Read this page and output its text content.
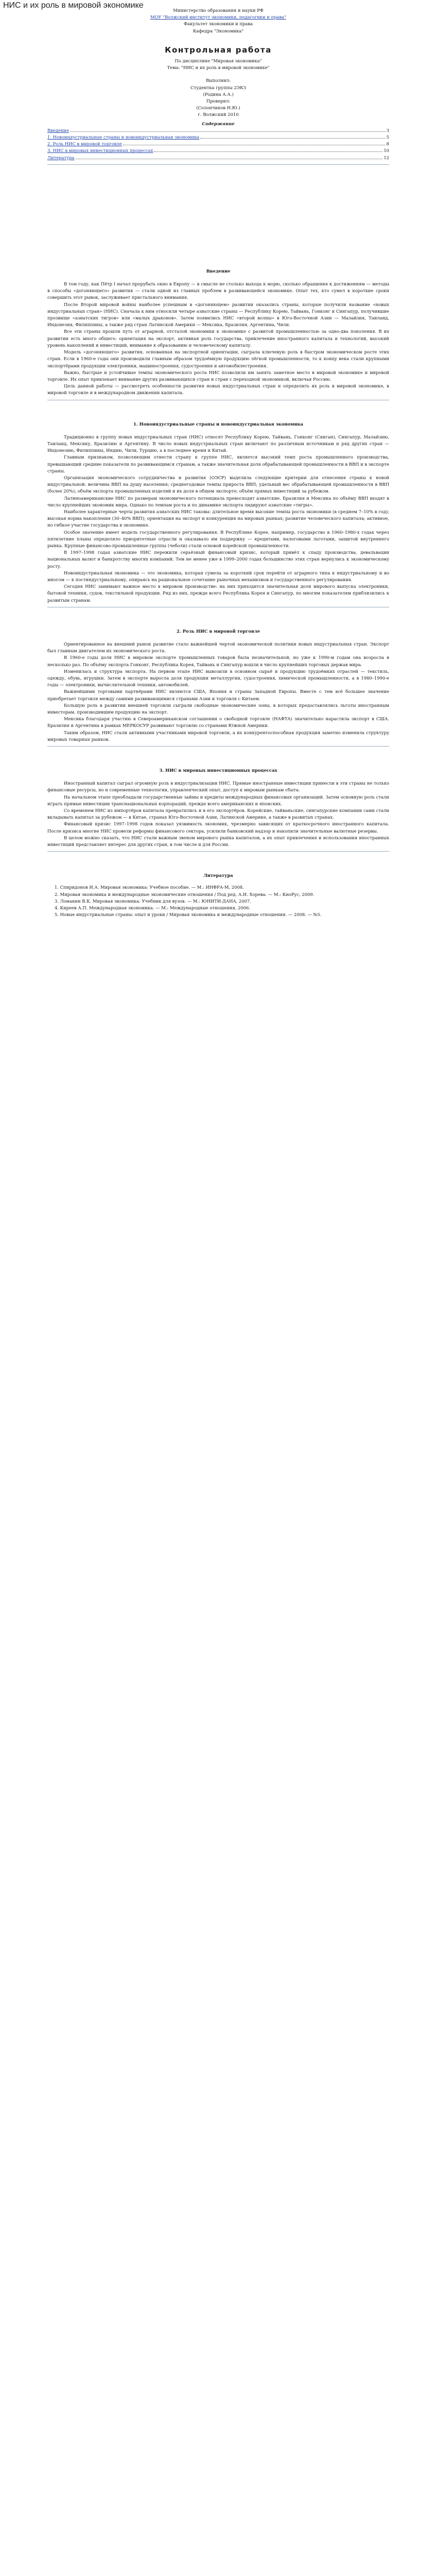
НИС и их роль в мировой экономике
Министерство образования и науки РФ
МОУ "Волжский институт экономики, педагогики и права"
Факультет экономики и права
Кафедра "Экономика"
Контрольная работа
По дисциплине "Мировая экономика"
Тема: "НИС и их роль в мировой экономике"
Выполнил:
Студентка группы 2ЭКЗ
(Родина А.А.)
Проверил:
(Солончиков Н.Ю.)
г. Волжский 2010
Содержание
Введение	3
1. Новоиндустриальные страны и новоиндустриальная экономика	5
2. Роль НИС в мировой торговле	8
3. НИС в мировых инвестиционных процессах	10
Литература	12
Введение

В том году, как Пётр I начал прорубать окно в Европу — в смысле не столько выхода к морю, сколько обращения к достижениям — методы в способы «догоняющего» развития — стали одной из главных проблем в развивающейся экономике. Опыт тех, кто сумел в короткие сроки совершить этот рывок, заслуживает пристального внимания.

После Второй мировой войны наиболее успешным в «догоняющем» развитии оказались страны, которые получили название «новых индустриальных стран» (НИС). Сначала к ним относили четыре азиатские страны — Республику Корею, Тайвань, Гонконг и Сингапур, получившие прозвище «азиатских тигров» или «малых драконов». Затем появились НИС «второй волны» в Юго-Восточной Азии — Малайзия, Таиланд, Индонезия, Филиппины, а также ряд стран Латинской Америки — Мексика, Бразилия, Аргентина, Чили.

Все эти страны прошли путь от аграрной, отсталой экономики к экономике с развитой промышленностью за одно-два поколения. В их развитии есть много общего: ориентация на экспорт, активная роль государства, привлечение иностранного капитала и технологий, высокий уровень накоплений и инвестиций, внимание к образованию и человеческому капиталу.

Модель «догоняющего» развития, основанная на экспортной ориентации, сыграла ключевую роль в быстром экономическом росте этих стран. Если в 1960-е годы они производили главным образом трудоёмкую продукцию лёгкой промышленности, то к концу века стали крупными экспортёрами продукции электроники, машиностроения, судостроения и автомобилестроения.

Важно, быстрые и устойчивые темпы экономического роста НИС позволили им занять заметное место в мировой экономике и мировой торговле. Их опыт привлекает внимание других развивающихся стран и стран с переходной экономикой, включая Россию.

Цель данной работы — рассмотреть особенности развития новых индустриальных стран и определить их роль в мировой экономике, в мировой торговле и в международном движении капитала.

1. Новоиндустриальные страны и новоиндустриальная экономика

Традиционно в группу новых индустриальных стран (НИС) относят Республику Корею, Тайвань, Гонконг (Сянган), Сингапур, Малайзию, Таиланд, Мексику, Бразилию и Аргентину. В число новых индустриальных стран включают по различным источникам и ряд других стран — Индонезию, Филиппины, Индию, Чили, Турцию, а в последнее время и Китай.

Главным признаком, позволяющим отнести страну к группе НИС, является высокий темп роста промышленного производства, превышающий средние показатели по развивающимся странам, а также значительная доля обрабатывающей промышленности в ВВП и в экспорте страны.

Организация экономического сотрудничества и развития (ОЭСР) выделила следующие критерии для отнесения страны к новой индустриальной: величина ВВП на душу населения; среднегодовые темпы прироста ВВП; удельный вес обрабатывающей промышленности в ВВП (более 20%); объём экспорта промышленных изделий и их доля в общем экспорте; объём прямых инвестиций за рубежом.

Латиноамериканские НИС по размерам экономического потенциала превосходят азиатские. Бразилия и Мексика по объёму ВВП входят в число крупнейших экономик мира. Однако по темпам роста и по динамике экспорта лидируют азиатские «тигры».

Наиболее характерные черты развития азиатских НИС таковы: длительное время высокие темпы роста экономики (в среднем 7–10% в год); высокая норма накопления (30–40% ВВП); ориентация на экспорт и конкуренция на мировых рынках; развитие человеческого капитала; активное, но гибкое участие государства в экономике.

Особое значение имеет модель государственного регулирования. В Республике Корее, например, государство в 1960–1980-х годах через пятилетние планы определяло приоритетные отрасли и оказывало им поддержку — кредитами, налоговыми льготами, защитой внутреннего рынка. Крупные финансово-промышленные группы (чеболи) стали основой корейской промышленности.

В 1997–1998 годах азиатские НИС пережили серьёзный финансовый кризис, который привёл к спаду производства, девальвации национальных валют и банкротству многих компаний. Тем не менее уже в 1999–2000 годах большинство этих стран вернулись к экономическому росту.

Новоиндустриальная экономика — это экономика, которая сумела за короткий срок перейти от аграрного типа к индустриальному и во многом — к постиндустриальному, опираясь на рациональное сочетание рыночных механизмов и государственного регулирования.

Сегодня НИС занимают важное место в мировом производстве: на них приходится значительная доля мирового выпуска электроники, бытовой техники, судов, текстильной продукции. Ряд из них, прежде всего Республика Корея и Сингапур, по многим показателям приблизились к развитым странам.

2. Роль НИС в мировой торговле

Ориентированное на внешний рынок развитие стало важнейшей чертой экономической политики новых индустриальных стран. Экспорт был главным двигателем их экономического роста.

В 1960-е годы доля НИС в мировом экспорте промышленных товаров была незначительной, но уже к 1990-м годам она возросла в несколько раз. По объёму экспорта Гонконг, Республика Корея, Тайвань и Сингапур вошли в число крупнейших торговых держав мира.

Изменилась и структура экспорта. На первом этапе НИС вывозили в основном сырьё и продукцию трудоёмких отраслей — текстиль, одежду, обувь, игрушки. Затем в экспорте выросла доля продукции металлургии, судостроения, химической промышленности, а в 1980–1990-е годы — электроники, вычислительной техники, автомобилей.

Важнейшими торговыми партнёрами НИС являются США, Япония и страны Западной Европы. Вместе с тем всё большее значение приобретает торговля между самими развивающимися странами Азии и торговля с Китаем.

Большую роль в развитии внешней торговли сыграли свободные экономические зоны, в которых предоставлялись льготы иностранным инвесторам, производившим продукцию на экспорт.

Мексика благодаря участию в Североамериканском соглашении о свободной торговле (НАФТА) значительно нарастила экспорт в США. Бразилия и Аргентина в рамках МЕРКОСУР развивают торговлю со странами Южной Америки.

Таким образом, НИС стали активными участниками мировой торговли, а их конкурентоспособная продукция заметно изменила структуру мировых товарных рынков.

3. НИС в мировых инвестиционных процессах

Иностранный капитал сыграл огромную роль в индустриализации НИС. Прямые иностранные инвестиции принесли в эти страны не только финансовые ресурсы, но и современные технологии, управленческий опыт, доступ к мировым рынкам сбыта.

На начальном этапе преобладали государственные займы и кредиты международных финансовых организаций. Затем основную роль стали играть прямые инвестиции транснациональных корпораций, прежде всего американских и японских.

Со временем НИС из импортёров капитала превратились и в его экспортёров. Корейские, тайваньские, сингапурские компании сами стали вкладывать капитал за рубежом — в Китае, странах Юго-Восточной Азии, Латинской Америке, а также в развитых странах.

Финансовый кризис 1997–1998 годов показал уязвимость экономик, чрезмерно зависящих от краткосрочного иностранного капитала. После кризиса многие НИС провели реформы финансового сектора, усилили банковский надзор и накопили значительные валютные резервы.

В целом можно сказать, что НИС стали важным звеном мирового рынка капиталов, а их опыт привлечения и использования иностранных инвестиций представляет интерес для других стран, в том числе и для России.

Литература

1. Спиридонов И.А. Мировая экономика: Учебное пособие. — М.: ИНФРА-М, 2008.

2. Мировая экономика и международные экономические отношения / Под ред. А.И. Хорева. — М.: КноРус, 2009.

3. Ломакин В.К. Мировая экономика: Учебник для вузов. — М.: ЮНИТИ-ДАНА, 2007.

4. Киреев А.П. Международная экономика. — М.: Международные отношения, 2006.

5. Новые индустриальные страны: опыт и уроки / Мировая экономика и международные отношения. — 2008. — №5.
